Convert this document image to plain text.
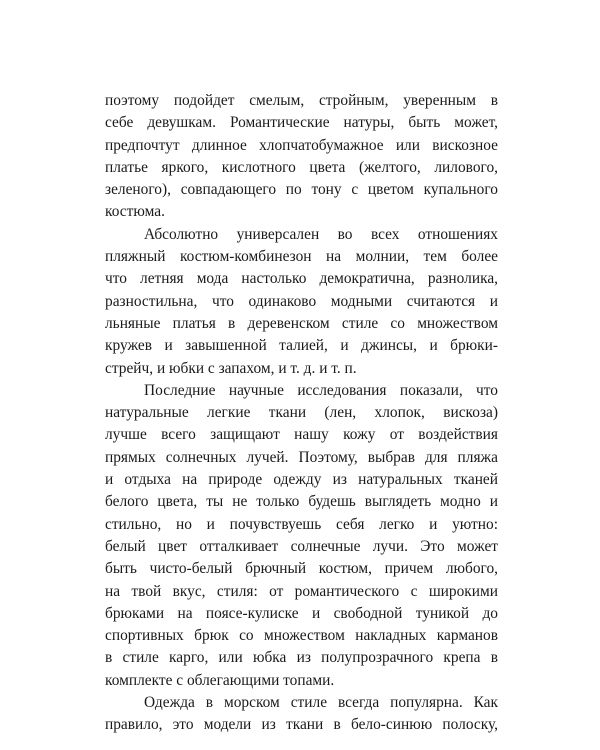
поэтому подойдет смелым, стройным, уверенным в
себе девушкам. Романтические натуры, быть может,
предпочтут длинное хлопчатобумажное или вискозное
платье яркого, кислотного цвета (желтого, лилового,
зеленого), совпадающего по тону с цветом купального
костюма.

Абсолютно универсален во всех отношениях
пляжный костюм-комбинезон на молнии, тем более
что летняя мода настолько демократична, разнолика,
разностильна, что одинаково модными считаются и
льняные платья в деревенском стиле со множеством
кружев и завышенной талией, и джинсы, и брюки-
стрейч, и юбки с запахом, и т. д. и т. п.

Последние научные исследования показали, что
натуральные легкие ткани (лен, хлопок, вискоза)
лучше всего защищают нашу кожу от воздействия
прямых солнечных лучей. Поэтому, выбрав для пляжа
и отдыха на природе одежду из натуральных тканей
белого цвета, ты не только будешь выглядеть модно и
стильно, но и почувствуешь себя легко и уютно:
белый цвет отталкивает солнечные лучи. Это может
быть чисто-белый брючный костюм, причем любого,
на твой вкус, стиля: от романтического с широкими
брюками на поясе-кулиске и свободной туникой до
спортивных брюк со множеством накладных карманов
в стиле карго, или юбка из полупрозрачного крепа в
комплекте с облегающими топами.

Одежда в морском стиле всегда популярна. Как
правило, это модели из ткани в бело-синюю полоску,
